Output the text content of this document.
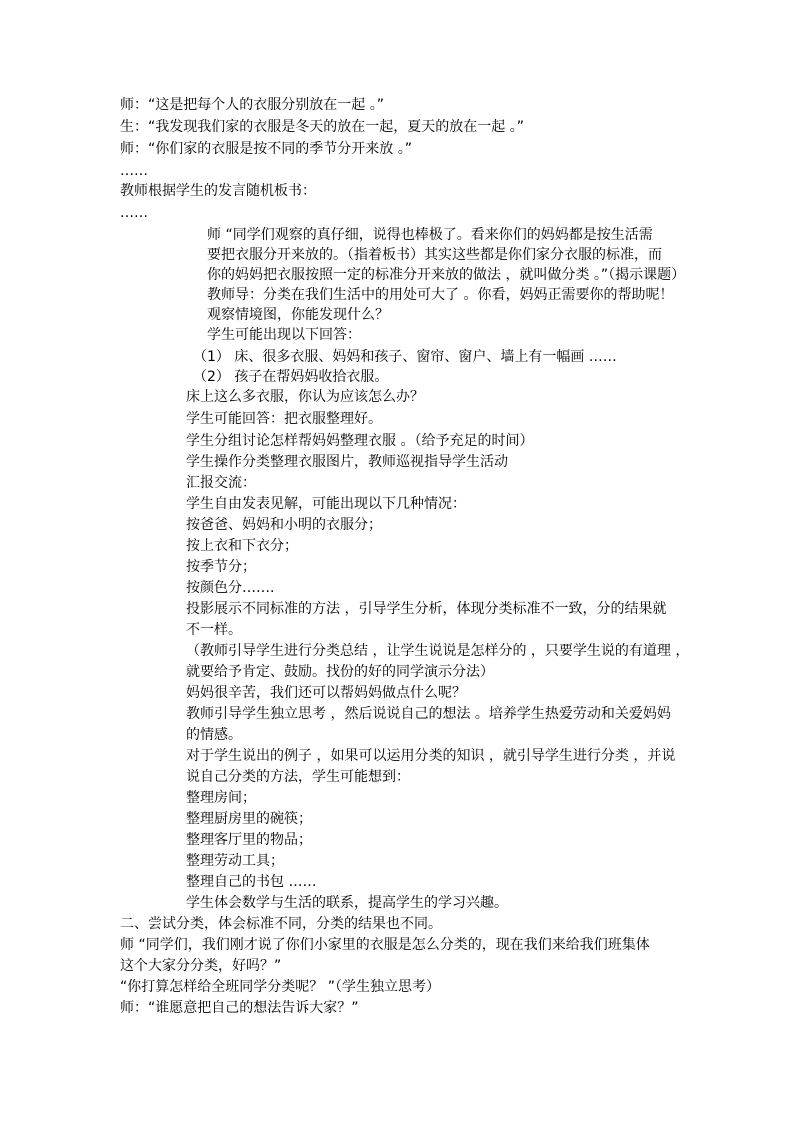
师：“这是把每个人的衣服分别放在一起 。”
生：“我发现我们家的衣服是冬天的放在一起，夏天的放在一起 。”
师：“你们家的衣服是按不同的季节分开来放 。”
……
教师根据学生的发言随机板书：
……
师 “同学们观察的真仔细，说得也棒极了。看来你们的妈妈都是按生活需
要把衣服分开来放的。（指着板书）其实这些都是你们家分衣服的标准，而
你的妈妈把衣服按照一定的标准分开来放的做法 ，就叫做分类 。”（揭示课题）
教师导：分类在我们生活中的用处可大了 。你看，妈妈正需要你的帮助呢！
观察情境图，你能发现什么？
学生可能出现以下回答：
（1） 床、很多衣服、妈妈和孩子、窗帘、窗户、墙上有一幅画 ……
（2） 孩子在帮妈妈收拾衣服。
床上这么多衣服，你认为应该怎么办？
学生可能回答：把衣服整理好。
学生分组讨论怎样帮妈妈整理衣服 。（给予充足的时间）
学生操作分类整理衣服图片，教师巡视指导学生活动
汇报交流：
学生自由发表见解，可能出现以下几种情况：
按爸爸、妈妈和小明的衣服分；
按上衣和下衣分；
按季节分；
按颜色分…….
投影展示不同标准的方法 ，引导学生分析，体现分类标准不一致，分的结果就
不一样。
（教师引导学生进行分类总结 ，让学生说说是怎样分的 ，只要学生说的有道理 ，
就要给予肯定、鼓励。找份的好的同学演示分法）
妈妈很辛苦，我们还可以帮妈妈做点什么呢？
教师引导学生独立思考 ，然后说说自己的想法 。培养学生热爱劳动和关爱妈妈
的情感。
对于学生说出的例子 ，如果可以运用分类的知识 ，就引导学生进行分类 ，并说
说自己分类的方法，学生可能想到：
整理房间；
整理厨房里的碗筷；
整理客厅里的物品；
整理劳动工具；
整理自己的书包 ……
学生体会数学与生活的联系，提高学生的学习兴趣。
二、尝试分类，体会标准不同，分类的结果也不同。
师 “同学们，我们刚才说了你们小家里的衣服是怎么分类的，现在我们来给我们班集体
这个大家分分类，好吗？”
“你打算怎样给全班同学分类呢？ ”（学生独立思考）
师：“谁愿意把自己的想法告诉大家？”
